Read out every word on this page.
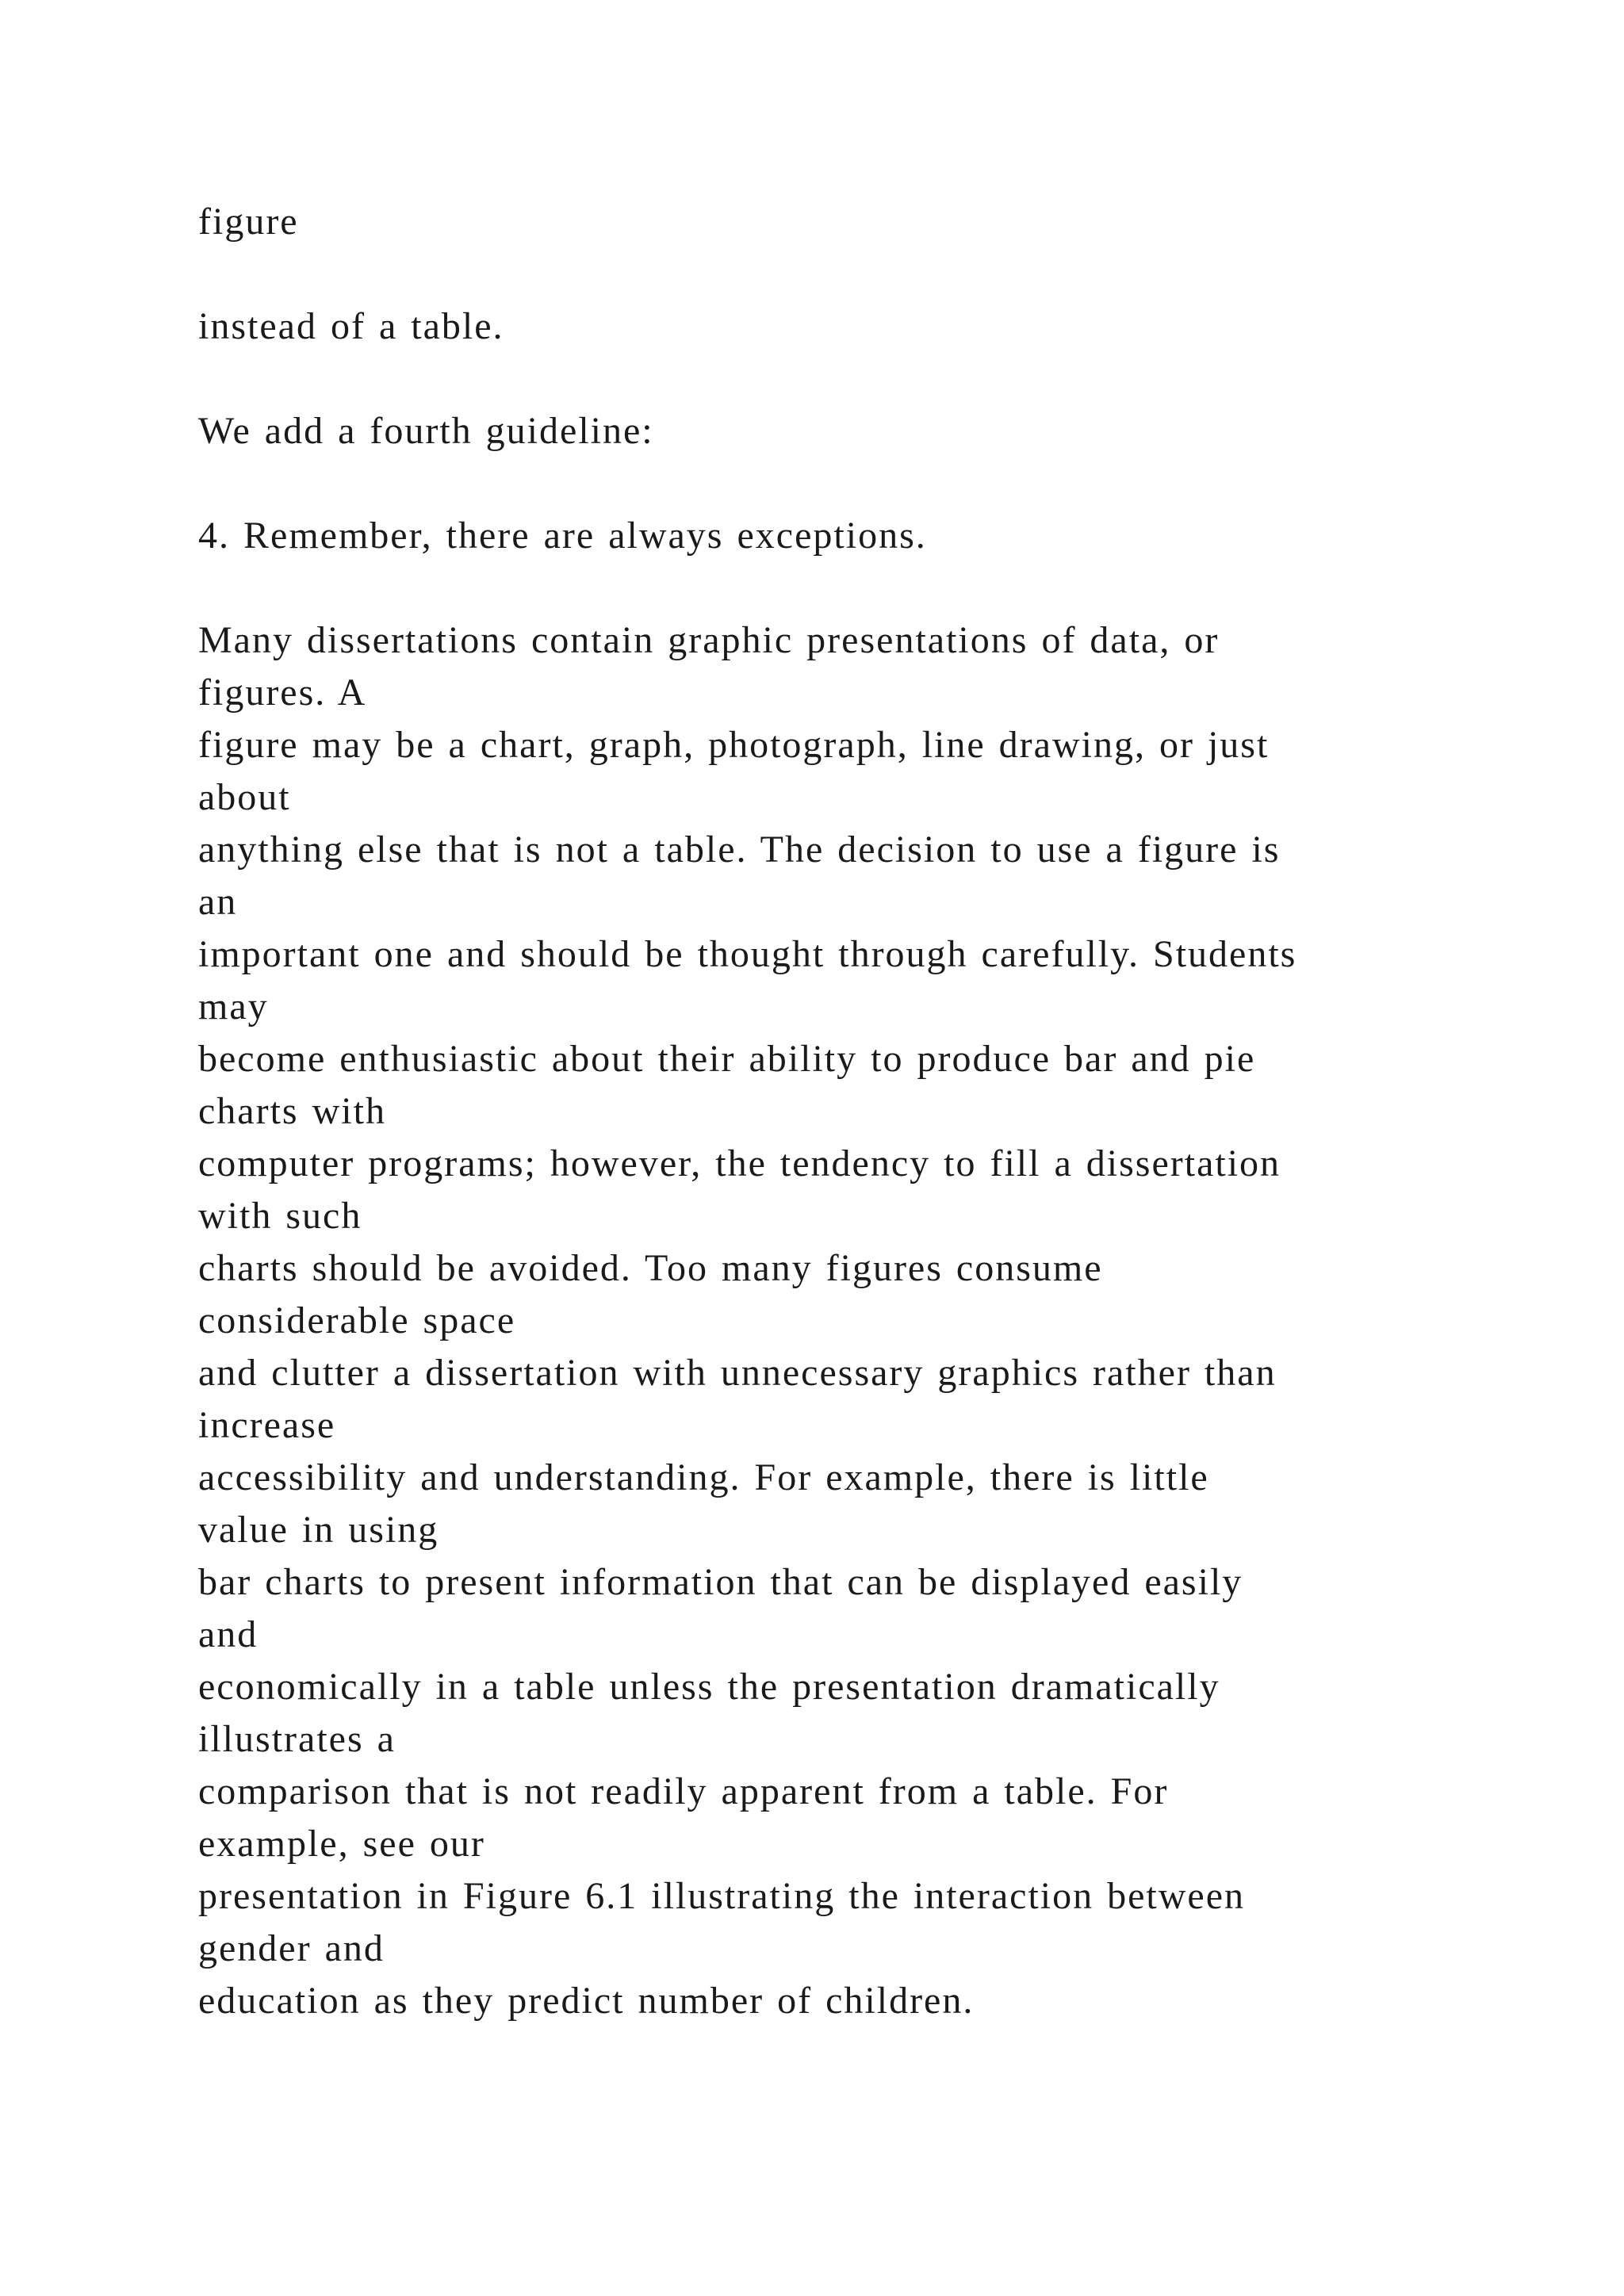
figure
instead of a table.
We add a fourth guideline:
4. Remember, there are always exceptions.
Many dissertations contain graphic presentations of data, or
figures. A
figure may be a chart, graph, photograph, line drawing, or just
about
anything else that is not a table. The decision to use a figure is
an
important one and should be thought through carefully. Students
may
become enthusiastic about their ability to produce bar and pie
charts with
computer programs; however, the tendency to fill a dissertation
with such
charts should be avoided. Too many figures consume
considerable space
and clutter a dissertation with unnecessary graphics rather than
increase
accessibility and understanding. For example, there is little
value in using
bar charts to present information that can be displayed easily
and
economically in a table unless the presentation dramatically
illustrates a
comparison that is not readily apparent from a table. For
example, see our
presentation in Figure 6.1 illustrating the interaction between
gender and
education as they predict number of children.
